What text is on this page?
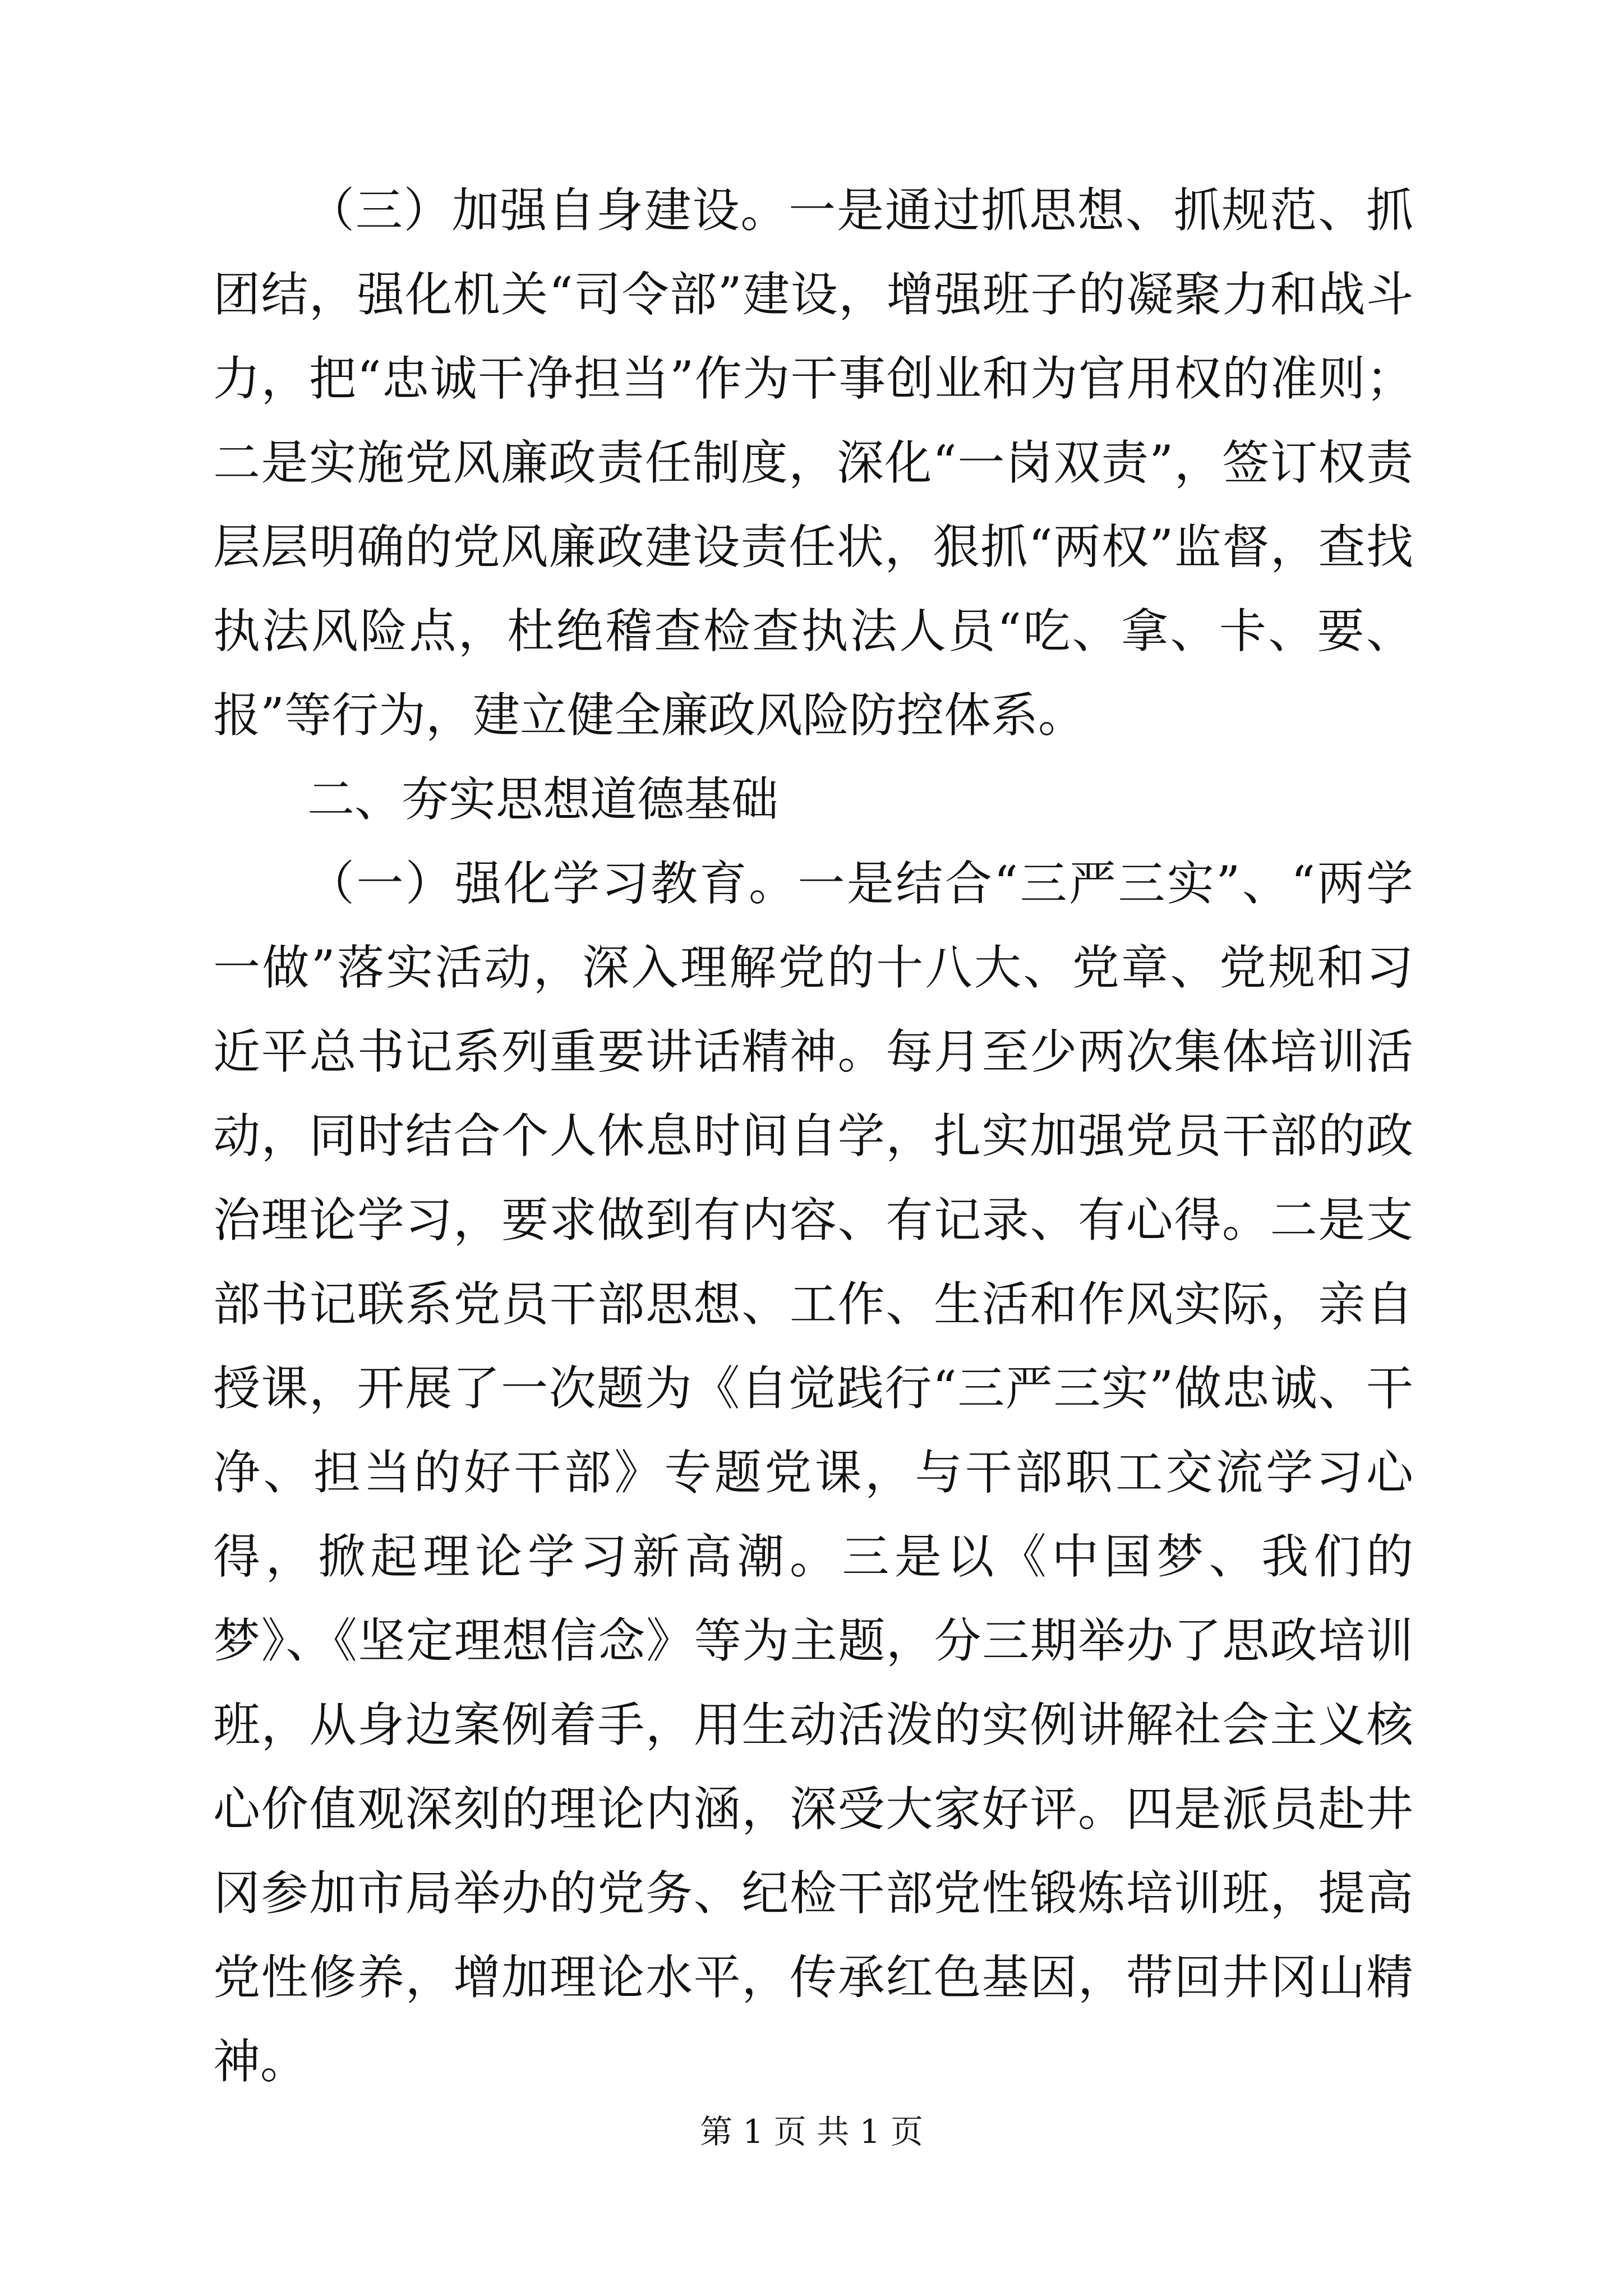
（三）加强自身建设。一是通过抓思想、抓规范、抓团结，强化机关“司令部”建设，增强班子的凝聚力和战斗力，把“忠诚干净担当”作为干事创业和为官用权的准则；二是实施党风廉政责任制度，深化“一岗双责”，签订权责层层明确的党风廉政建设责任状，狠抓“两权”监督，查找执法风险点，杜绝稽查检查执法人员“吃、拿、卡、要、报”等行为，建立健全廉政风险防控体系。

二、夯实思想道德基础

（一）强化学习教育。一是结合“三严三实”、“两学一做”落实活动，深入理解党的十八大、党章、党规和习近平总书记系列重要讲话精神。每月至少两次集体培训活动，同时结合个人休息时间自学，扎实加强党员干部的政治理论学习，要求做到有内容、有记录、有心得。二是支部书记联系党员干部思想、工作、生活和作风实际，亲自授课，开展了一次题为《自觉践行“三严三实”做忠诚、干净、担当的好干部》专题党课，与干部职工交流学习心得，掀起理论学习新高潮。三是以《中国梦、我们的梦》、《坚定理想信念》等为主题，分三期举办了思政培训班，从身边案例着手，用生动活泼的实例讲解社会主义核心价值观深刻的理论内涵，深受大家好评。四是派员赴井冈参加市局举办的党务、纪检干部党性锻炼培训班，提高党性修养，增加理论水平，传承红色基因，带回井冈山精神。

第 1 页 共 1 页
